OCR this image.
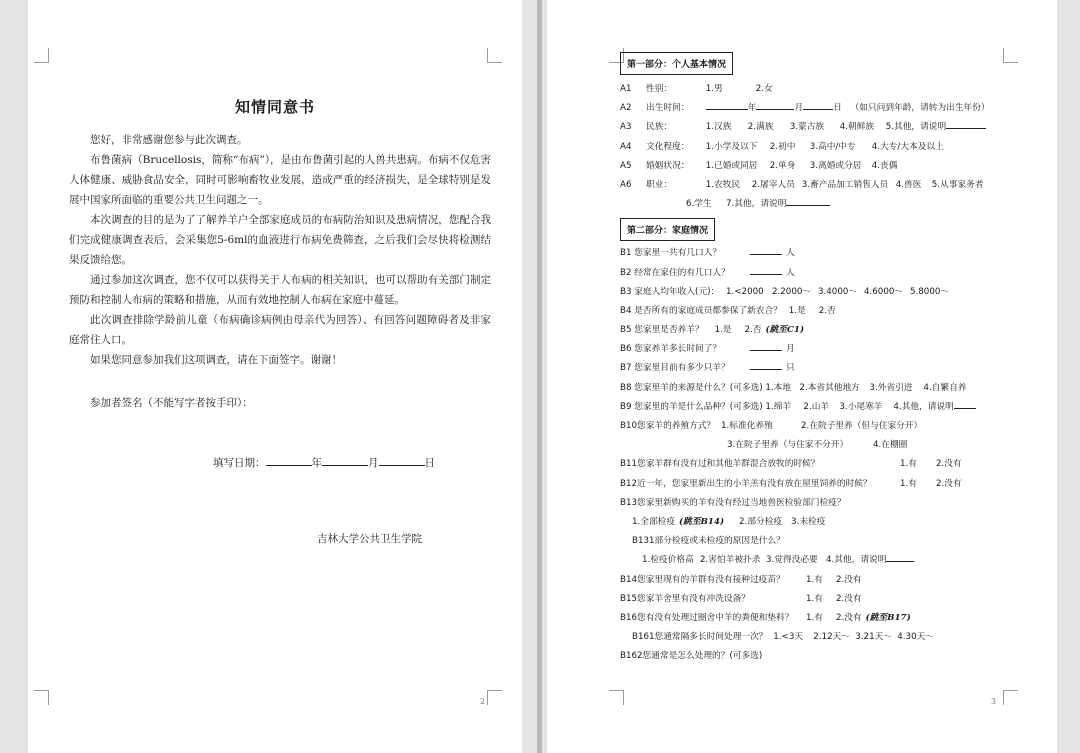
知情同意书

您好，非常感谢您参与此次调查。

布鲁菌病（Brucellosis，简称“布病”），是由布鲁菌引起的人兽共患病。布病不仅危害人体健康、威胁食品安全，同时可影响畜牧业发展，造成严重的经济损失，是全球特别是发展中国家所面临的重要公共卫生问题之一。

本次调查的目的是为了了解养羊户全部家庭成员的布病防治知识及患病情况，您配合我们完成健康调查表后，会采集您5-6ml的血液进行布病免费筛查，之后我们会尽快将检测结果反馈给您。

通过参加这次调查，您不仅可以获得关于人布病的相关知识，也可以帮助有关部门制定预防和控制人布病的策略和措施，从而有效地控制人布病在家庭中蔓延。

此次调查排除学龄前儿童（布病确诊病例由母亲代为回答）、有回答问题障碍者及非家庭常住人口。

如果您同意参加我们这项调查，请在下面签字。谢谢！

参加者签名（不能写字者按手印）：
填写日期：	年	月	日
吉林大学公共卫生学院
2
第一部分：个人基本情况
A1 性别：	1.男	2.女
A2 出生时间：	年	月	日 （如只问到年龄，请转为出生年份）
A3 民族：	1.汉族 2.满族 3.蒙古族 4.朝鲜族 5.其他，请说明
A4 文化程度： 1.小学及以下 2.初中 3.高中/中专 4.大专/大本及以上
A5 婚姻状况： 1.已婚或同居 2.单身 3.离婚或分居 4.丧偶
A6 职业：	1.农牧民 2.屠宰人员 3.畜产品加工销售人员 4.兽医 5.从事家务者
6.学生 7.其他，请说明
第二部分：家庭情况
B1 您家里一共有几口人？	人
B2 经常在家住的有几口人？	人
B3 家庭人均年收入(元)： 1.<2000 2.2000～ 3.4000～ 4.6000～ 5.8000～
B4 是否所有的家庭成员都参保了新农合？ 1.是 2.否
B5 您家里是否养羊？ 1.是 2.否 (跳至C1)
B6 您家养羊多长时间了？	月
B7 您家里目前有多少只羊？	只
B8 您家里羊的来源是什么？(可多选) 1.本地 2.本省其他地方 3.外省引进 4.自繁自养
B9 您家里的羊是什么品种？(可多选) 1.绵羊 2.山羊 3.小尾寒羊 4.其他，请说明
B10您家羊的养殖方式？ 1.标准化养殖	2.在院子里养（但与住家分开）
3.在院子里养（与住家不分开）	4.在棚圈
B11您家羊群有没有过和其他羊群混合放牧的时候？	1.有 2.没有
B12近一年，您家里新出生的小羊羔有没有放在屋里饲养的时候？	1.有 2.没有
B13您家里新购买的羊有没有经过当地兽医检验部门检疫？
1.全部检疫 (跳至B14) 2.部分检疫 3.未检疫
B131部分检疫或未检疫的原因是什么？
1.检疫价格高 2.害怕羊被扑杀 3.觉得没必要 4.其他，请说明
B14您家里现有的羊群有没有接种过疫苗？ 1.有 2.没有
B15您家羊舍里有没有冲洗设备？	1.有 2.没有
B16您有没有处理过圈舍中羊的粪便和垫料？ 1.有 2.没有 (跳至B17)
B161您通常隔多长时间处理一次？ 1.<3天 2.12天～ 3.21天～ 4.30天～
B162您通常是怎么处理的？(可多选)
3
